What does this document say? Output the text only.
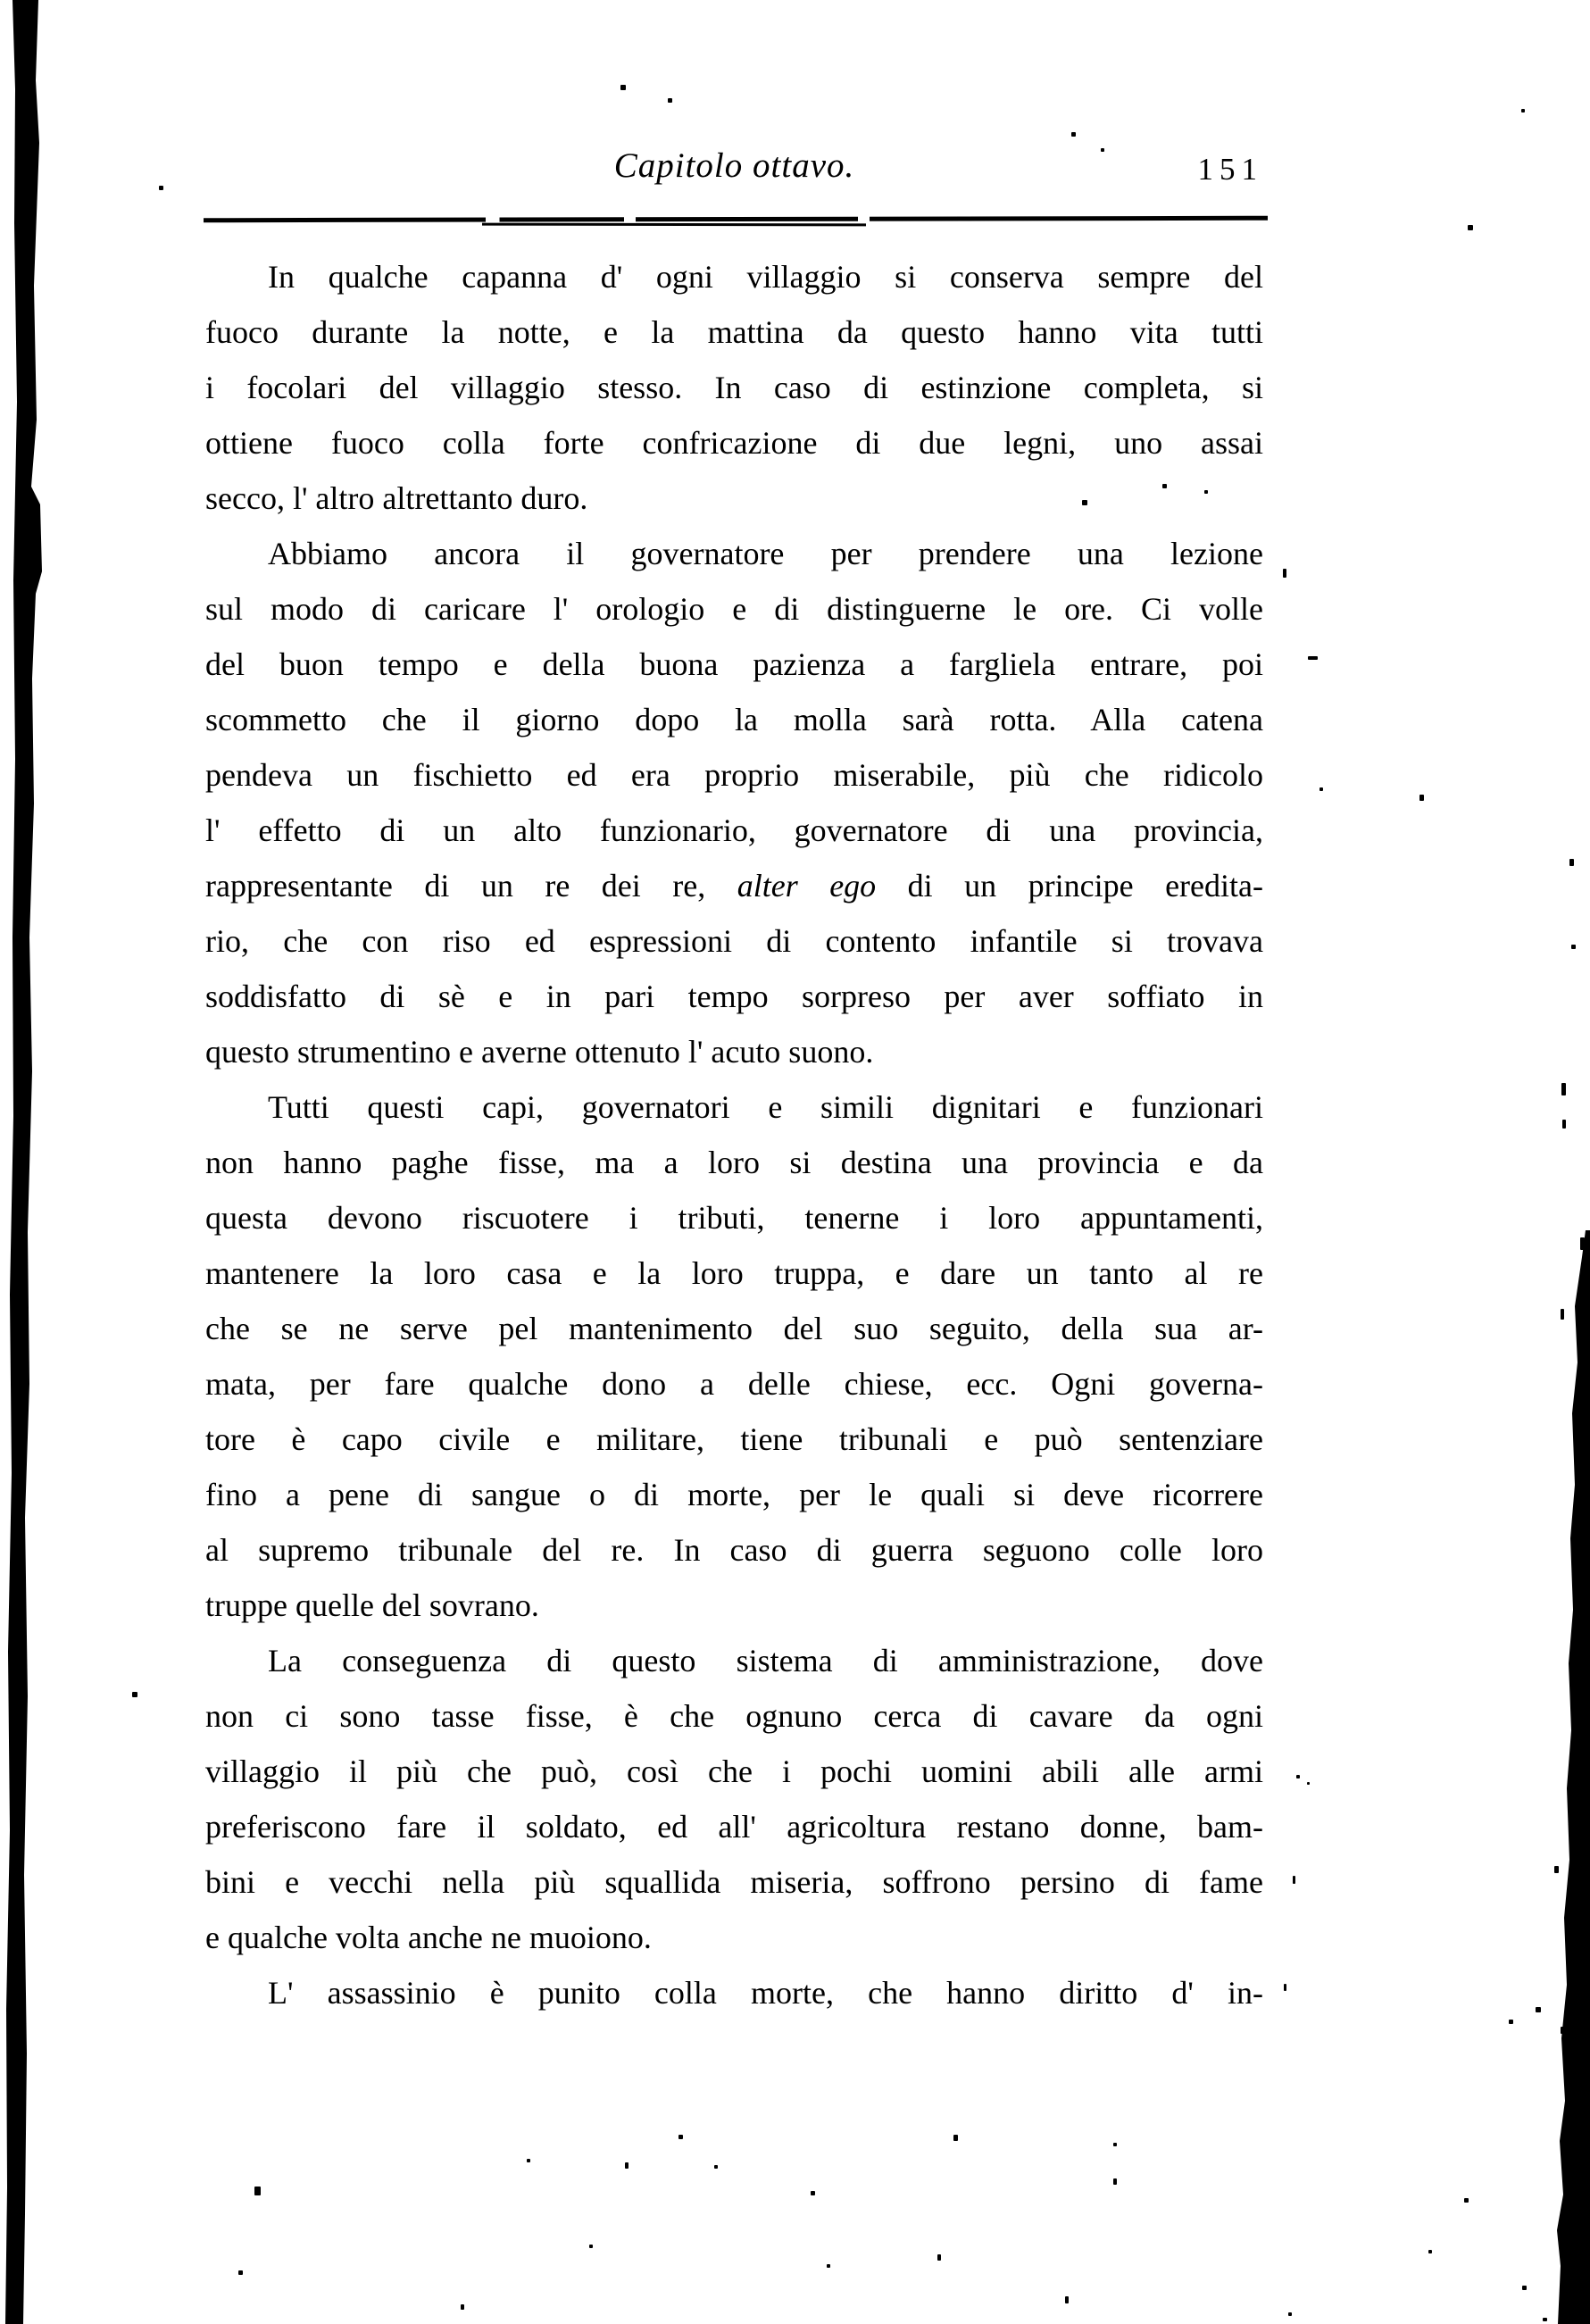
Capitolo ottavo.	151
In qualche capanna d' ogni villaggio si conserva sempre del
fuoco durante la notte, e la mattina da questo hanno vita tutti
i focolari del villaggio stesso. In caso di estinzione completa, si
ottiene fuoco colla forte confricazione di due legni, uno assai
secco, l' altro altrettanto duro.
Abbiamo ancora il governatore per prendere una lezione
sul modo di caricare l' orologio e di distinguerne le ore. Ci volle
del buon tempo e della buona pazienza a fargliela entrare, poi
scommetto che il giorno dopo la molla sarà rotta. Alla catena
pendeva un fischietto ed era proprio miserabile, più che ridicolo
l' effetto di un alto funzionario, governatore di una provincia,
rappresentante di un re dei re, alter ego di un principe eredita-
rio, che con riso ed espressioni di contento infantile si trovava
soddisfatto di sè e in pari tempo sorpreso per aver soffiato in
questo strumentino e averne ottenuto l' acuto suono.
Tutti questi capi, governatori e simili dignitari e funzionari
non hanno paghe fisse, ma a loro si destina una provincia e da
questa devono riscuotere i tributi, tenerne i loro appuntamenti,
mantenere la loro casa e la loro truppa, e dare un tanto al re
che se ne serve pel mantenimento del suo seguito, della sua ar-
mata, per fare qualche dono a delle chiese, ecc. Ogni governa-
tore è capo civile e militare, tiene tribunali e può sentenziare
fino a pene di sangue o di morte, per le quali si deve ricorrere
al supremo tribunale del re. In caso di guerra seguono colle loro
truppe quelle del sovrano.
La conseguenza di questo sistema di amministrazione, dove
non ci sono tasse fisse, è che ognuno cerca di cavare da ogni
villaggio il più che può, così che i pochi uomini abili alle armi
preferiscono fare il soldato, ed all' agricoltura restano donne, bam-
bini e vecchi nella più squallida miseria, soffrono persino di fame
e qualche volta anche ne muoiono.
L' assassinio è punito colla morte, che hanno diritto d' in-
